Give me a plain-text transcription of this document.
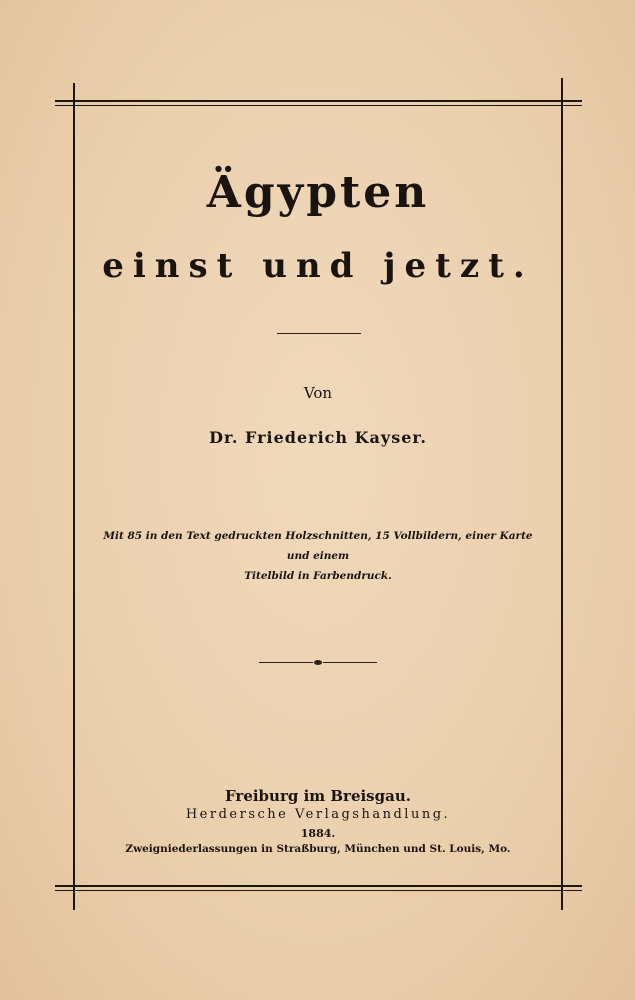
Ägypten
einst und jetzt.
Von
Dr. Friederich Kayser.
Mit 85 in den Text gedruckten Holzschnitten, 15 Vollbildern, einer Karte und einem
Titelbild in Farbendruck.
Freiburg im Breisgau.
Herdersche Verlagshandlung.
1884.
Zweigniederlassungen in Straßburg, München und St. Louis, Mo.
